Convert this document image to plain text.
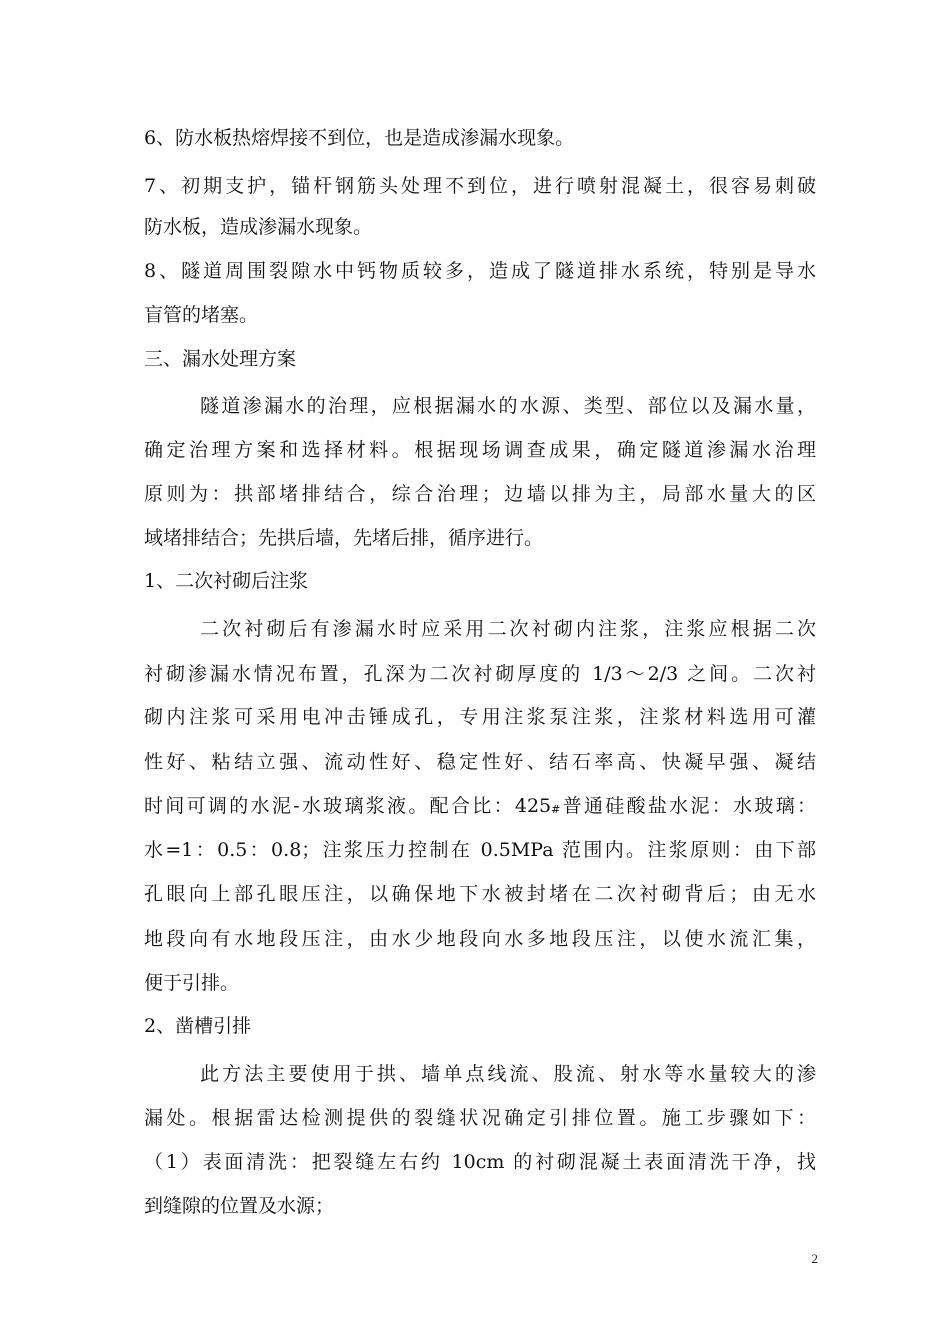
6、防水板热熔焊接不到位，也是造成渗漏水现象。
7、初期支护，锚杆钢筋头处理不到位，进行喷射混凝土，很容易刺破
防水板，造成渗漏水现象。
8、隧道周围裂隙水中钙物质较多，造成了隧道排水系统，特别是导水
盲管的堵塞。
三、漏水处理方案
隧道渗漏水的治理，应根据漏水的水源、类型、部位以及漏水量，
确定治理方案和选择材料。根据现场调查成果，确定隧道渗漏水治理
原则为：拱部堵排结合，综合治理；边墙以排为主，局部水量大的区
域堵排结合；先拱后墙，先堵后排，循序进行。
1、二次衬砌后注浆
二次衬砌后有渗漏水时应采用二次衬砌内注浆，注浆应根据二次
衬砌渗漏水情况布置，孔深为二次衬砌厚度的 1/3～2/3 之间。二次衬
砌内注浆可采用电冲击锤成孔，专用注浆泵注浆，注浆材料选用可灌
性好、粘结立强、流动性好、稳定性好、结石率高、快凝早强、凝结
时间可调的水泥-水玻璃浆液。配合比：425#普通硅酸盐水泥：水玻璃：
水=1：0.5：0.8；注浆压力控制在 0.5MPa 范围内。注浆原则：由下部
孔眼向上部孔眼压注，以确保地下水被封堵在二次衬砌背后；由无水
地段向有水地段压注，由水少地段向水多地段压注，以使水流汇集，
便于引排。
2、凿槽引排
此方法主要使用于拱、墙单点线流、股流、射水等水量较大的渗
漏处。根据雷达检测提供的裂缝状况确定引排位置。施工步骤如下：
（1）表面清洗：把裂缝左右约 10cm 的衬砌混凝土表面清洗干净，找
到缝隙的位置及水源；
2
